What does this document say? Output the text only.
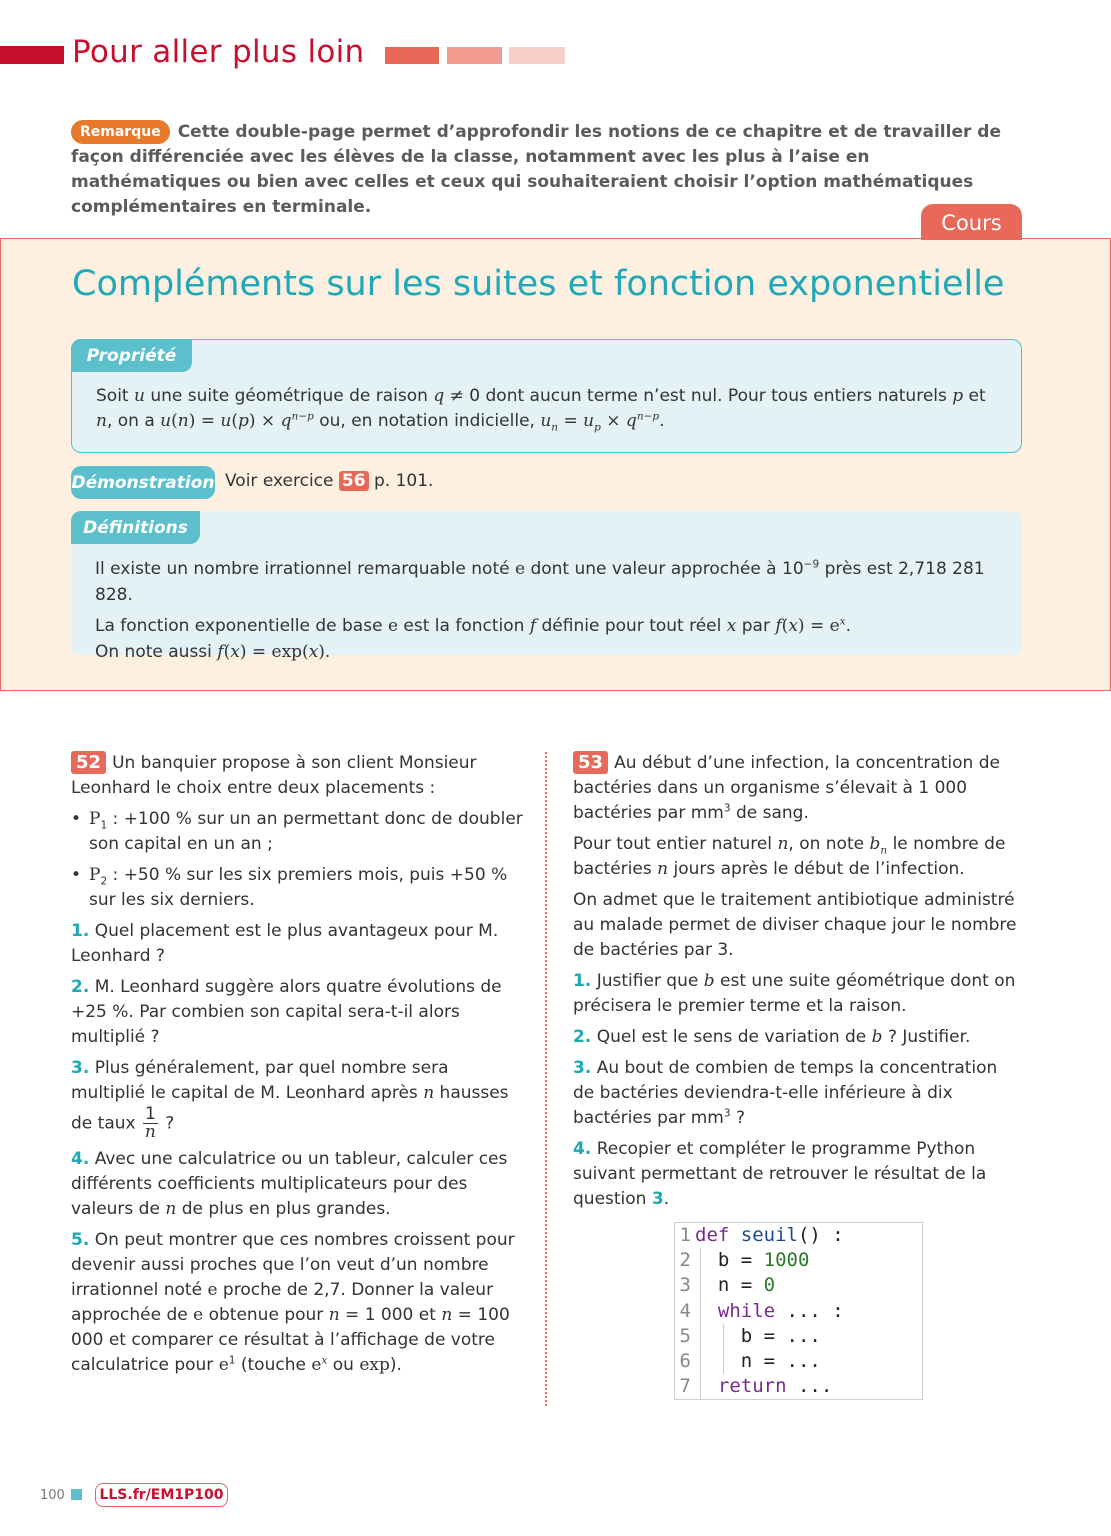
Pour aller plus loin
Remarque Cette double-page permet d’approfondir les notions de ce chapitre et de travailler de façon différenciée avec les élèves de la classe, notamment avec les plus à l’aise en mathématiques ou bien avec celles et ceux qui souhaiteraient choisir l’option mathématiques complémentaires en terminale.
Cours
Compléments sur les suites et fonction exponentielle
Propriété
Soit u une suite géométrique de raison q ≠ 0 dont aucun terme n’est nul. Pour tous entiers naturels p et n, on a $u(n) = u(p) \times q^{n-p}$ ou, en notation indicielle, $u_n = u_p \times q^{n-p}$.
Démonstration Voir exercice 56 p. 101.
Définitions

Il existe un nombre irrationnel remarquable noté e dont une valeur approchée à $10^{-9}$ près est 2,718 281 828.

La fonction exponentielle de base e est la fonction f définie pour tout réel x par $f(x) = e^x$.

On note aussi f(x) = exp(x).

52 Un banquier propose à son client Monsieur Leonhard le choix entre deux placements :

• $P_1$ : +100 % sur un an permettant donc de doubler son capital en un an ;
• $P_2$ : +50 % sur les six premiers mois, puis +50 % sur les six derniers.

1. Quel placement est le plus avantageux pour M. Leonhard ?

2. M. Leonhard suggère alors quatre évolutions de +25 %. Par combien son capital sera-t-il alors multiplié ?

3. Plus généralement, par quel nombre sera multiplié le capital de M. Leonhard après n hausses de taux $\frac{1}{n}$ ?

4. Avec une calculatrice ou un tableur, calculer ces différents coefficients multiplicateurs pour des valeurs de n de plus en plus grandes.

5. On peut montrer que ces nombres croissent pour devenir aussi proches que l’on veut d’un nombre irrationnel noté e proche de 2,7. Donner la valeur approchée de e obtenue pour n = 1 000 et n = 100 000 et comparer ce résultat à l’affichage de votre calculatrice pour $e^1$ (touche $e^x$ ou exp).

53 Au début d’une infection, la concentration de bactéries dans un organisme s’élevait à 1 000 bactéries par $mm^3$ de sang.

Pour tout entier naturel n, on note $b_n$ le nombre de bactéries n jours après le début de l’infection.

On admet que le traitement antibiotique administré au malade permet de diviser chaque jour le nombre de bactéries par 3.

1. Justifier que b est une suite géométrique dont on précisera le premier terme et la raison.

2. Quel est le sens de variation de b ? Justifier.

3. Au bout de combien de temps la concentration de bactéries deviendra-t-elle inférieure à dix bactéries par $mm^3$ ?

4. Recopier et compléter le programme Python suivant permettant de retrouver le résultat de la question 3.

1 def seuil() :
2 b = 1000
3 n = 0
4 while ... :
5	b = ...
6	n = ...
7 return ...
100	LLS.fr/EM1P100
